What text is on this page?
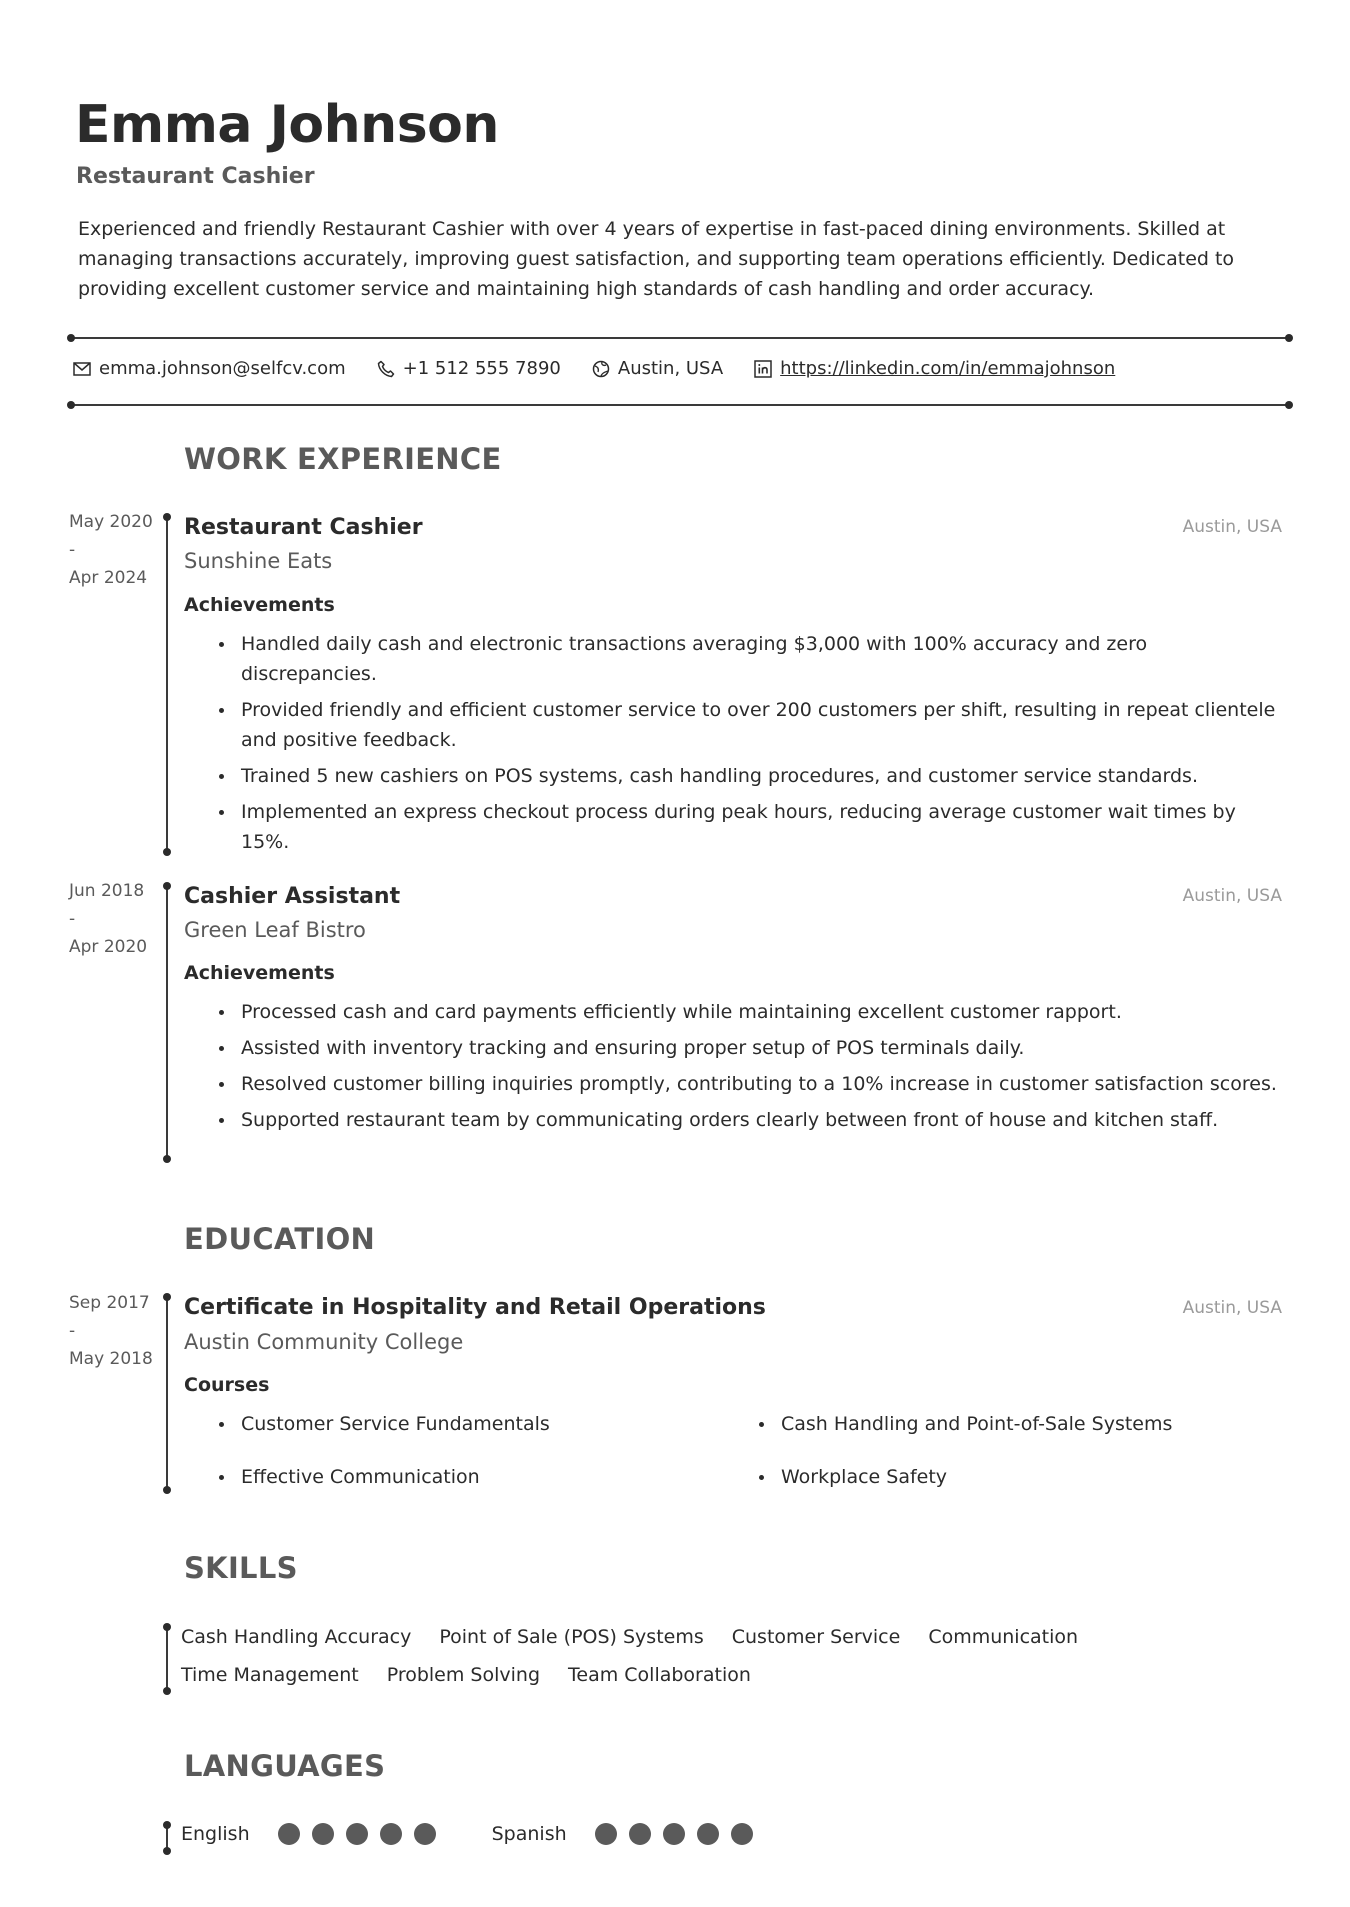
Emma Johnson
Restaurant Cashier

Experienced and friendly Restaurant Cashier with over 4 years of expertise in fast-paced dining environments. Skilled at managing transactions accurately, improving guest satisfaction, and supporting team operations efficiently. Dedicated to providing excellent customer service and maintaining high standards of cash handling and order accuracy.

emma.johnson@selfcv.com	+1 512 555 7890	Austin, USA	https://linkedin.com/in/emmajohnson
WORK EXPERIENCE
May 2020
-
Apr 2024
Restaurant Cashier	Austin, USA
Sunshine Eats
Achievements
Handled daily cash and electronic transactions averaging $3,000 with 100% accuracy and zero discrepancies.
Provided friendly and efficient customer service to over 200 customers per shift, resulting in repeat clientele and positive feedback.
Trained 5 new cashiers on POS systems, cash handling procedures, and customer service standards.
Implemented an express checkout process during peak hours, reducing average customer wait times by 15%.
Jun 2018
-
Apr 2020
Cashier Assistant	Austin, USA
Green Leaf Bistro
Achievements
Processed cash and card payments efficiently while maintaining excellent customer rapport.
Assisted with inventory tracking and ensuring proper setup of POS terminals daily.
Resolved customer billing inquiries promptly, contributing to a 10% increase in customer satisfaction scores.
Supported restaurant team by communicating orders clearly between front of house and kitchen staff.
EDUCATION
Sep 2017
-
May 2018
Certificate in Hospitality and Retail Operations	Austin, USA
Austin Community College
Courses
Customer Service Fundamentals	Cash Handling and Point-of-Sale Systems
Effective Communication	Workplace Safety
SKILLS
Cash Handling Accuracy Point of Sale (POS) Systems Customer Service Communication
Time Management Problem Solving Team Collaboration
LANGUAGES
English	Spanish
